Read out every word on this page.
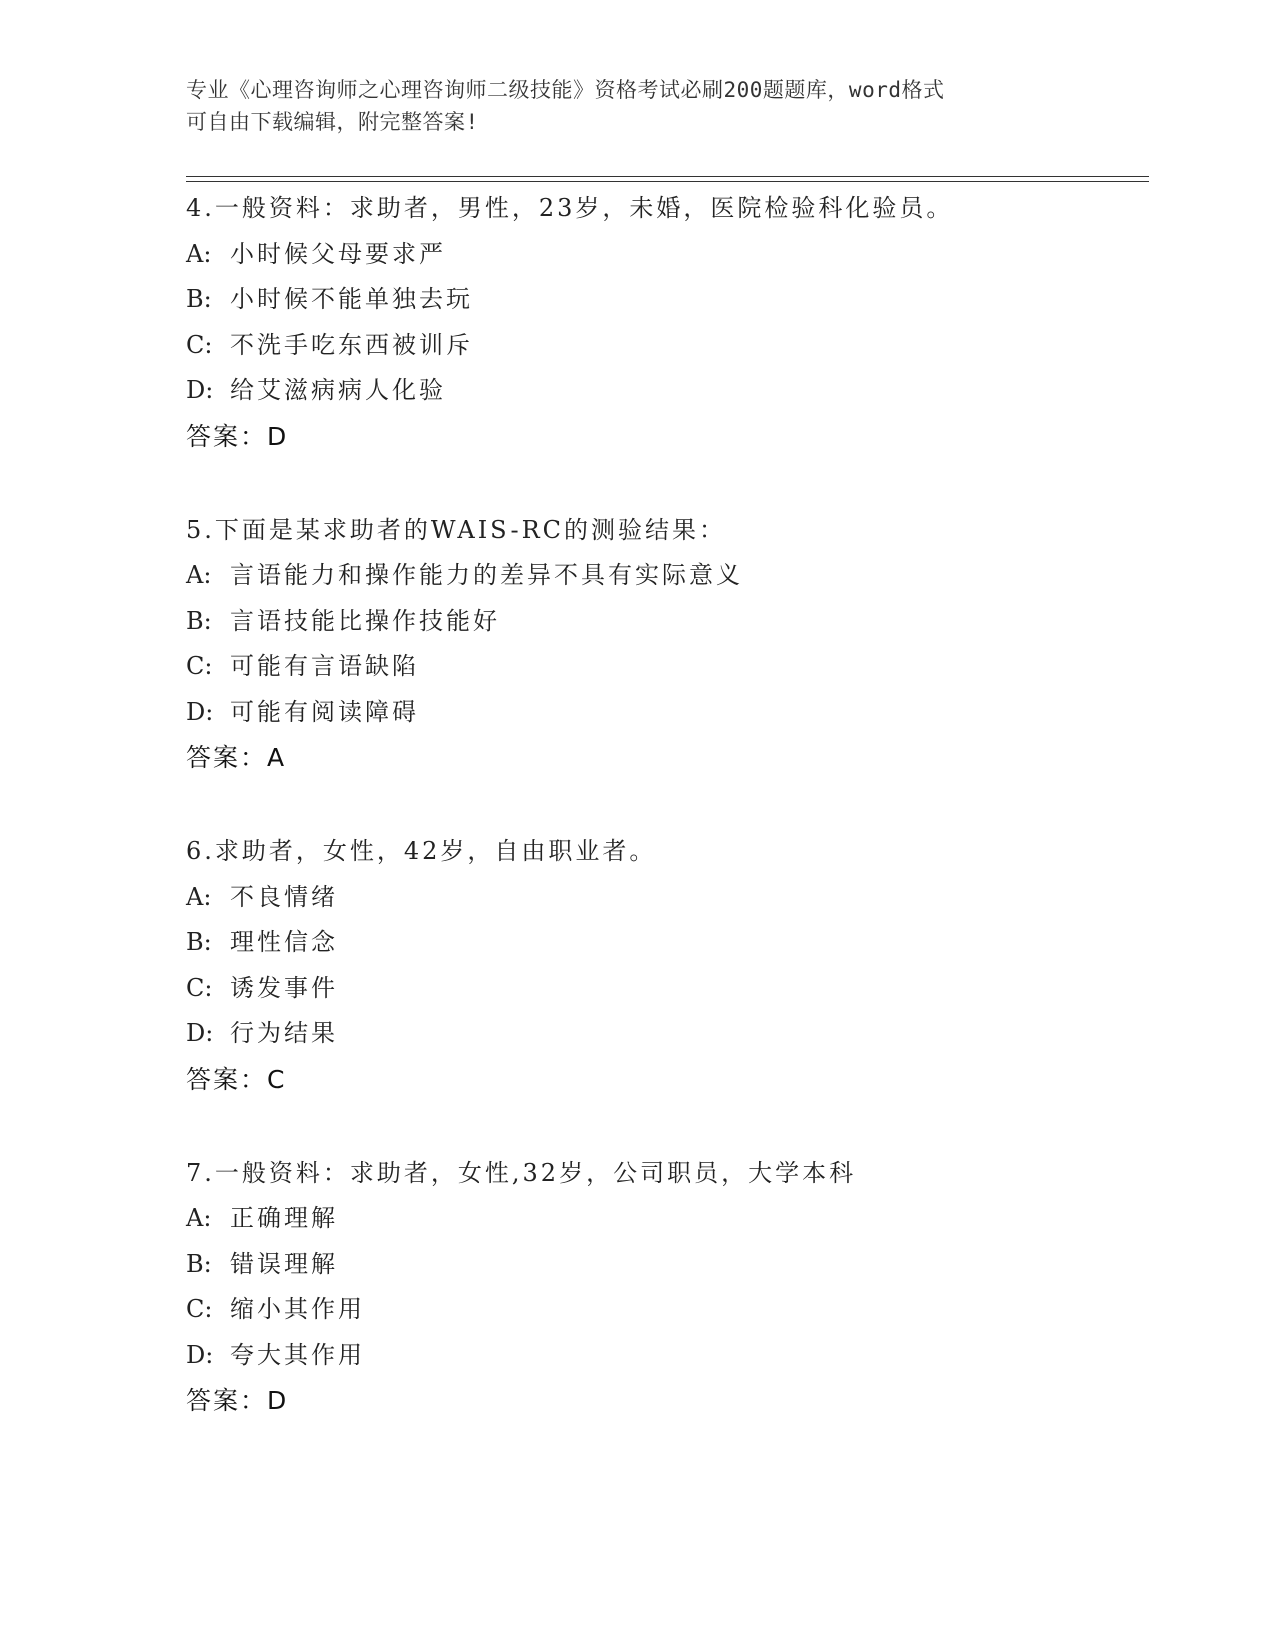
专业《心理咨询师之心理咨询师二级技能》资格考试必刷200题题库，word格式
可自由下载编辑，附完整答案!
4.一般资料：求助者，男性，23岁，未婚，医院检验科化验员。
A: 小时候父母要求严
B: 小时候不能单独去玩
C: 不洗手吃东西被训斥
D: 给艾滋病病人化验
答案：D
5.下面是某求助者的WAIS-RC的测验结果：
A: 言语能力和操作能力的差异不具有实际意义
B: 言语技能比操作技能好
C: 可能有言语缺陷
D: 可能有阅读障碍
答案：A
6.求助者，女性，42岁，自由职业者。
A: 不良情绪
B: 理性信念
C: 诱发事件
D: 行为结果
答案：C
7.一般资料：求助者，女性,32岁，公司职员，大学本科
A: 正确理解
B: 错误理解
C: 缩小其作用
D: 夸大其作用
答案：D
